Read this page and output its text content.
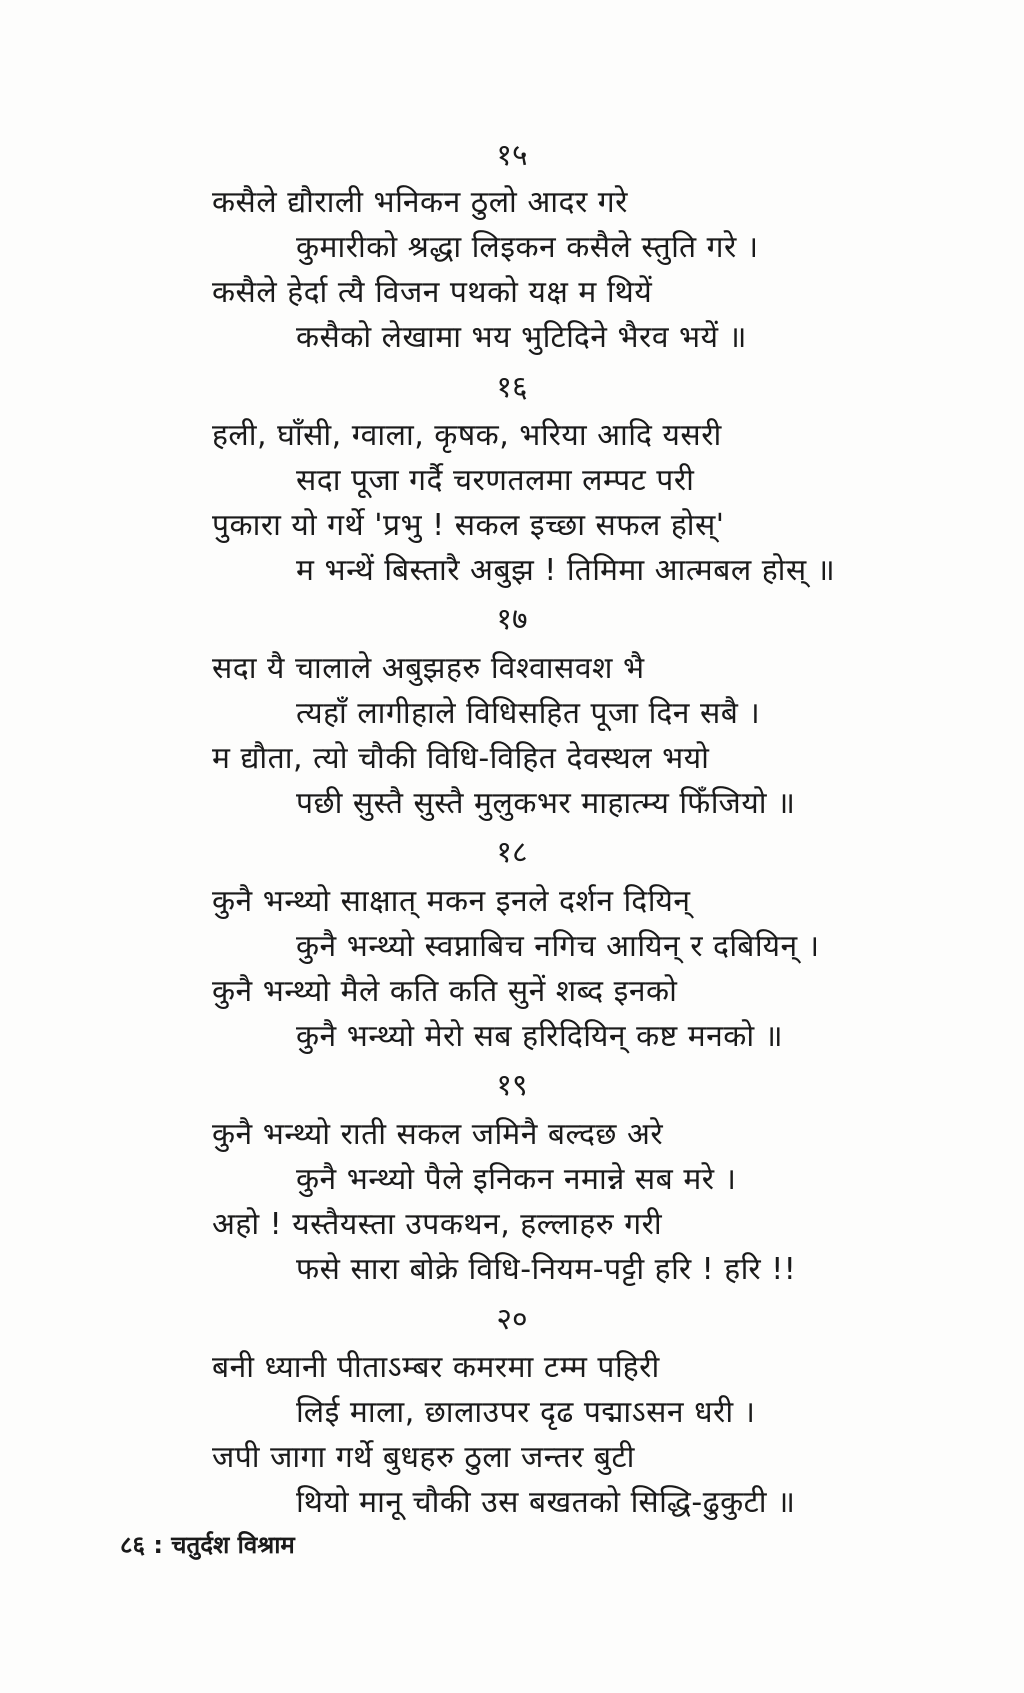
१५
कसैले द्यौराली भनिकन ठुलो आदर गरे
कुमारीको श्रद्धा लिइकन कसैले स्तुति गरे ।
कसैले हेर्दा त्यै विजन पथको यक्ष म थियें
कसैको लेखामा भय भुटिदिने भैरव भयें ॥
१६
हली, घाँसी, ग्वाला, कृषक, भरिया आदि यसरी
सदा पूजा गर्दै चरणतलमा लम्पट परी
पुकारा यो गर्थे 'प्रभु ! सकल इच्छा सफल होस्'
म भन्थें बिस्तारै अबुझ ! तिमिमा आत्मबल होस् ॥
१७
सदा यै चालाले अबुझहरु विश्वासवश भै
त्यहाँ लागीहाले विधिसहित पूजा दिन सबै ।
म द्यौता, त्यो चौकी विधि-विहित देवस्थल भयो
पछी सुस्तै सुस्तै मुलुकभर माहात्म्य फिँजियो ॥
१८
कुनै भन्थ्यो साक्षात् मकन इनले दर्शन दियिन्
कुनै भन्थ्यो स्वप्नाबिच नगिच आयिन् र दबियिन् ।
कुनै भन्थ्यो मैले कति कति सुनें शब्द इनको
कुनै भन्थ्यो मेरो सब हरिदियिन् कष्ट मनको ॥
१९
कुनै भन्थ्यो राती सकल जमिनै बल्दछ अरे
कुनै भन्थ्यो पैले इनिकन नमान्ने सब मरे ।
अहो ! यस्तैयस्ता उपकथन, हल्लाहरु गरी
फसे सारा बोक्रे विधि-नियम-पट्टी हरि ! हरि !!
२०
बनी ध्यानी पीताऽम्बर कमरमा टम्म पहिरी
लिई माला, छालाउपर दृढ पद्माऽसन धरी ।
जपी जागा गर्थे बुधहरु ठुला जन्तर बुटी
थियो मानू चौकी उस बखतको सिद्धि-ढुकुटी ॥
८६ : चतुर्दश विश्राम
